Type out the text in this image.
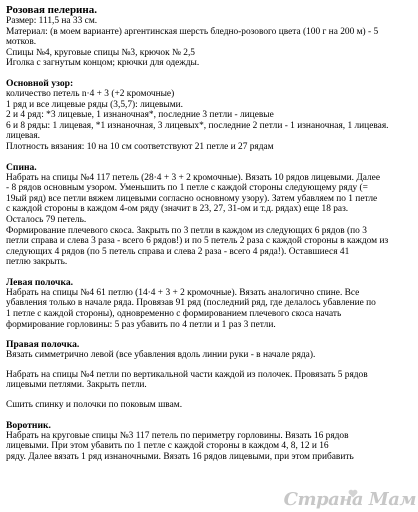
Розовая пелерина.
Размер: 111,5 на 33 см.
Материал: (в моем варианте) аргентинская шерсть бледно-розового цвета (100 г на 200 м) - 5
мотков.
Спицы №4, круговые спицы №3, крючок № 2,5
Иголка с загнутым концом; крючки для одежды.
Основной узор:
количество петель n·4 + 3 (+2 кромочные)
1 ряд и все лицевые ряды (3,5,7): лицевыми.
2 и 4 ряд: *3 лицевые, 1 изнаночная*, последние 3 петли - лицевые
6 и 8 ряды: 1 лицевая, *1 изнаночная, 3 лицевых*, последние 2 петли - 1 изнаночная, 1 лицевая.
лицевая.
Плотность вязания: 10 на 10 см соответствуют 21 петле и 27 рядам
Спина.
Набрать на спицы №4 117 петель (28·4 + 3 + 2 кромочные). Вязать 10 рядов лицевыми. Далее
- 8 рядов основным узором. Уменьшить по 1 петле с каждой стороны следующему ряду (=
19ый ряд) все петли вяжем лицевыми согласно основному узору). Затем убавляем по 1 петле
с каждой стороны в каждом 4-ом ряду (значит в 23, 27, 31-ом и т.д. рядах) еще 18 раз.
Осталось 79 петель.
Формирование плечевого скоса. Закрыть по 3 петли в каждом из следующих 6 рядов (по 3
петли справа и слева 3 раза - всего 6 рядов!) и по 5 петель 2 раза с каждой стороны в каждом из
следующих 4 рядов (по 5 петель справа и слева 2 раза - всего 4 ряда!). Оставшиеся 41
петлю закрыть.
Левая полочка.
Набрать на спицы №4 61 петлю (14·4 + 3 + 2 кромочные). Вязать аналогично спине. Все
убавления только в начале ряда. Провязав 91 ряд (последний ряд, где делалось убавление по
1 петле с каждой стороны), одновременно с формированием плечевого скоса начать
формирование горловины: 5 раз убавить по 4 петли и 1 раз 3 петли.
Правая полочка.
Вязать симметрично левой (все убавления вдоль линии руки - в начале ряда).
Набрать на спицы №4 петли по вертикальной части каждой из полочек. Провязать 5 рядов
лицевыми петлями. Закрыть петли.
Сшить спинку и полочки по поковым швам.
Воротник.
Набрать на круговые спицы №3 117 петель по периметру горловины. Вязать 16 рядов
лицевыми. При этом убавить по 1 петле с каждой стороны в каждом 4, 8, 12 и 16
ряду. Далее вязать 1 ряд изнаночными. Вязать 16 рядов лицевыми, при этом прибавить
Страна Мам
